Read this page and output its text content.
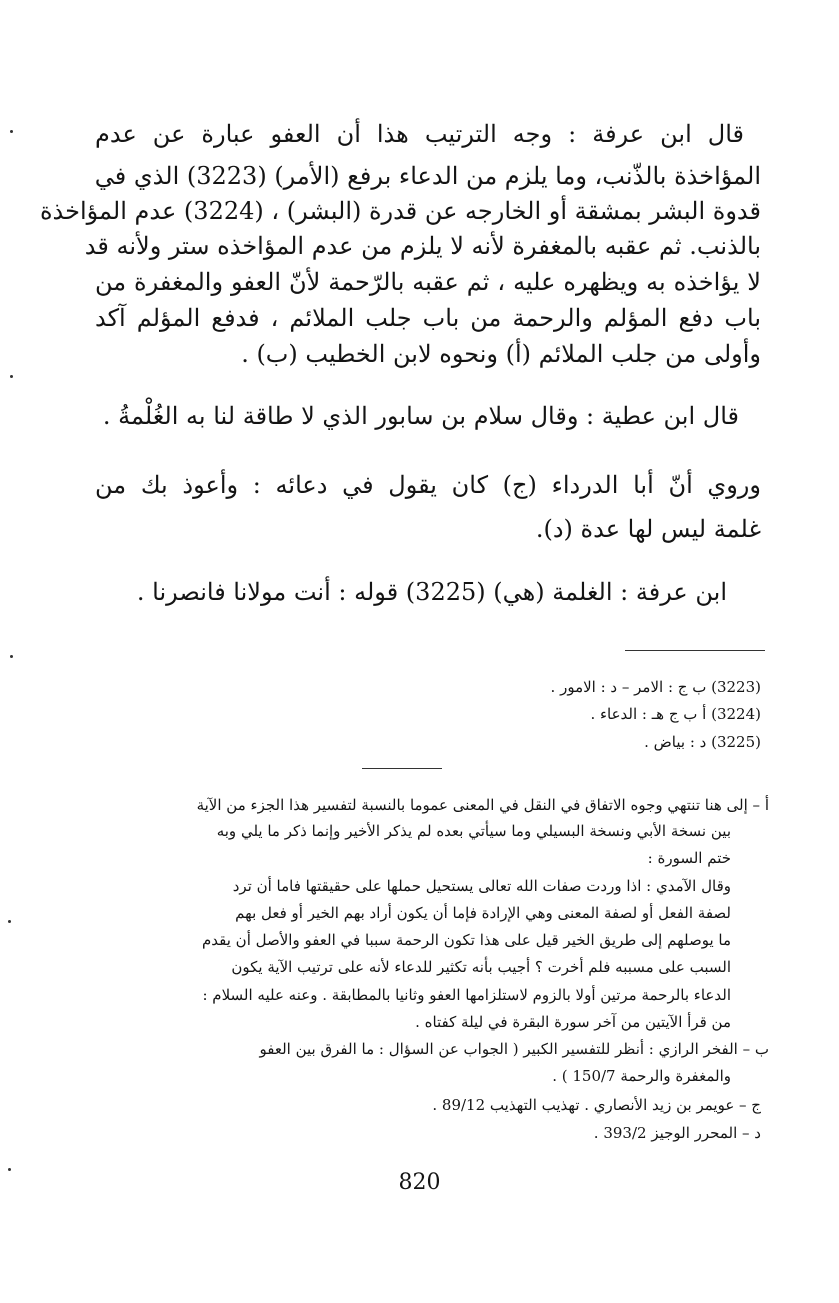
قال ابن عرفة : وجه الترتيب هذا أن العفو عبارة عن عدم
المؤاخذة بالذّنب، وما يلزم من الدعاء برفع (الأمر) (3223) الذي في
قدوة البشر بمشقة أو الخارجه عن قدرة (البشر) ، (3224) عدم المؤاخذة
بالذنب. ثم عقبه بالمغفرة لأنه لا يلزم من عدم المؤاخذه ستر ولأنه قد
لا يؤاخذه به ويظهره عليه ، ثم عقبه بالرّحمة لأنّ العفو والمغفرة من
باب دفع المؤلم والرحمة من باب جلب الملائم ، فدفع المؤلم آكد
وأولى من جلب الملائم (أ) ونحوه لابن الخطيب (ب) .
قال ابن عطية : وقال سلام بن سابور الذي لا طاقة لنا به الغُلْمةُ .
وروي أنّ أبا الدرداء (ج) كان يقول في دعائه : وأعوذ بك من
غلمة ليس لها عدة (د).
ابن عرفة : الغلمة (هي) (3225) قوله : أنت مولانا فانصرنا .
(3223) ب ج : الامر – د : الامور .
(3224) أ ب ج هـ : الدعاء .
(3225) د : بياض .
أ – إلى هنا تنتهي وجوه الاتفاق في النقل في المعنى عموما بالنسبة لتفسير هذا الجزء من الآية
بين نسخة الأبي ونسخة البسيلي وما سيأتي بعده لم يذكر الأخير وإنما ذكر ما يلي وبه
ختم السورة :
وقال الآمدي : اذا وردت صفات الله تعالى يستحيل حملها على حقيقتها فاما أن ترد
لصفة الفعل أو لصفة المعنى وهي الإرادة فإما أن يكون أراد بهم الخير أو فعل بهم
ما يوصلهم إلى طريق الخير قيل على هذا تكون الرحمة سببا في العفو والأصل أن يقدم
السبب على مسببه فلم أخرت ؟ أجيب بأنه تكثير للدعاء لأنه على ترتيب الآية يكون
الدعاء بالرحمة مرتين أولا بالزوم لاستلزامها العفو وثانيا بالمطابقة . وعنه عليه السلام :
من قرأ الآيتين من آخر سورة البقرة في ليلة كفتاه .
ب – الفخر الرازي : أنظر للتفسير الكبير ( الجواب عن السؤال : ما الفرق بين العفو
والمغفرة والرحمة 150/7 ) .
ج – عويمر بن زيد الأنصاري . تهذيب التهذيب 89/12 .
د – المحرر الوجيز 393/2 .
820
